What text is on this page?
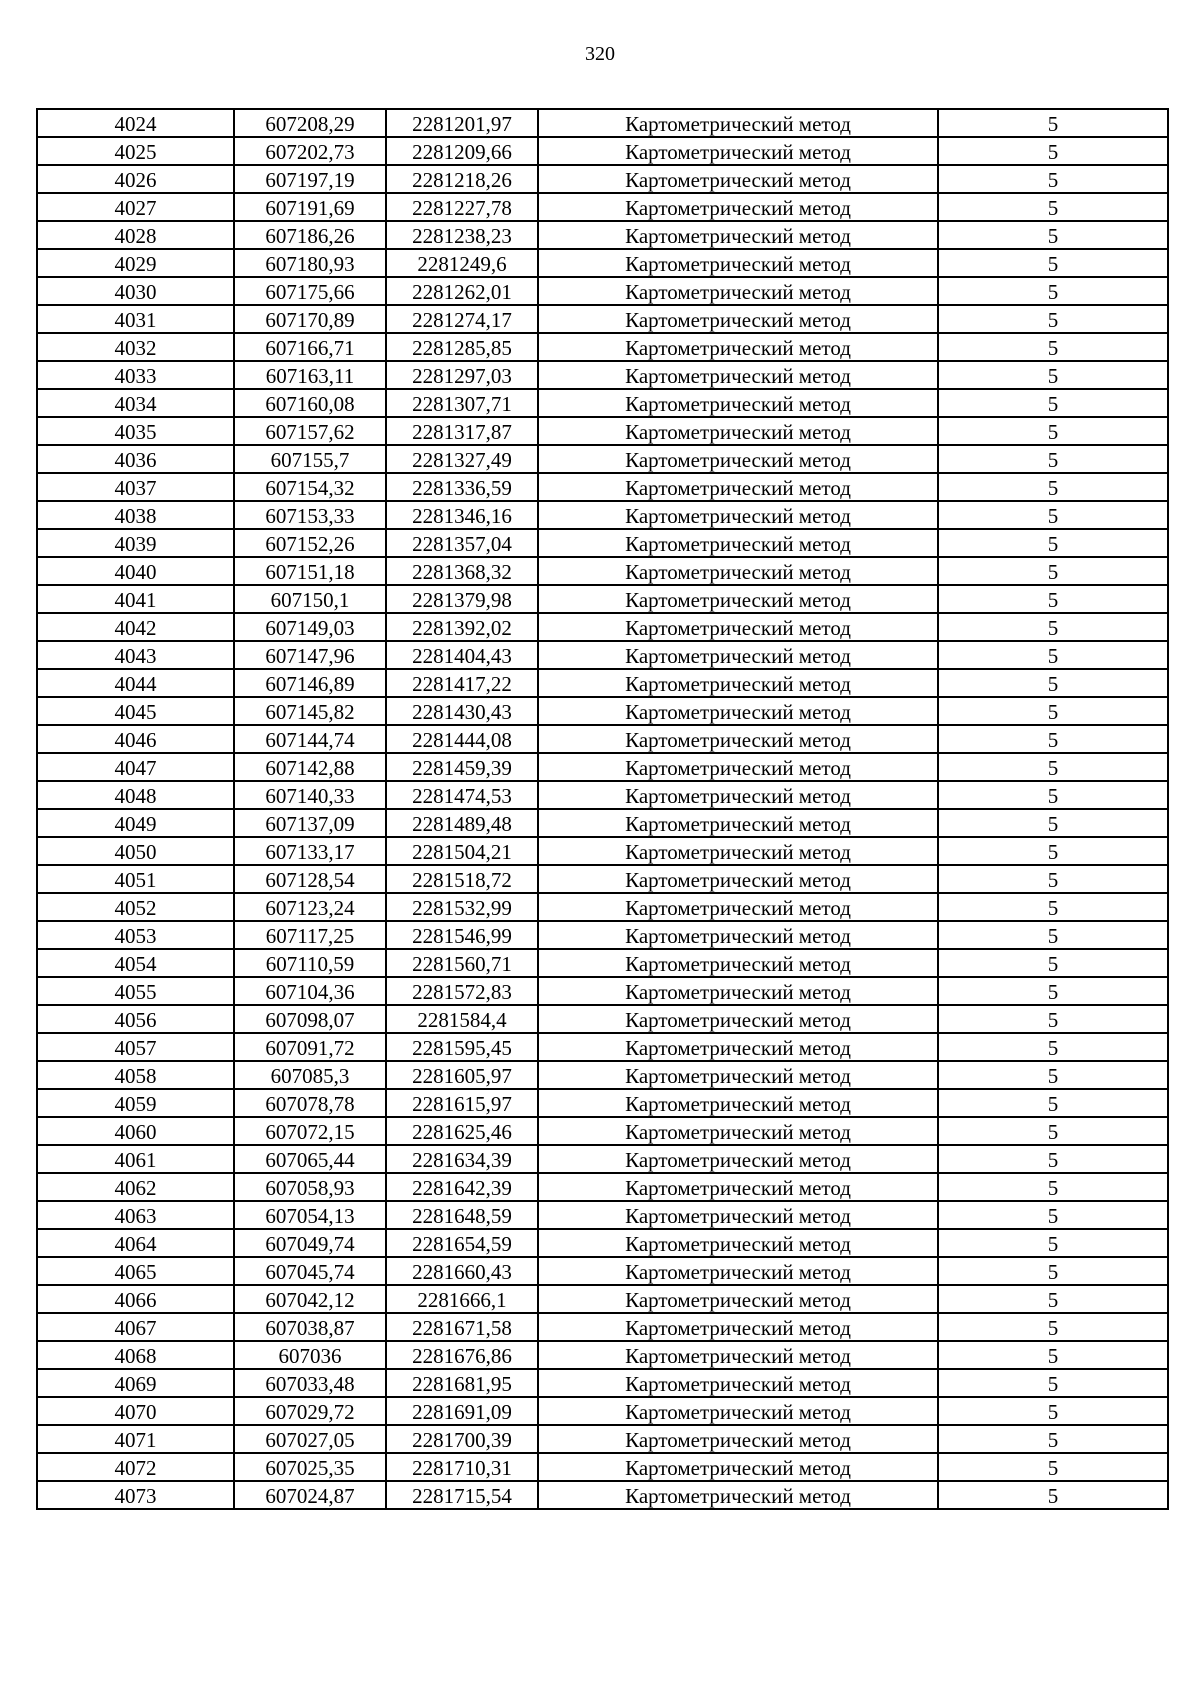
320
4024	607208,29	2281201,97	Картометрический метод	5
4025	607202,73	2281209,66	Картометрический метод	5
4026	607197,19	2281218,26	Картометрический метод	5
4027	607191,69	2281227,78	Картометрический метод	5
4028	607186,26	2281238,23	Картометрический метод	5
4029	607180,93	2281249,6	Картометрический метод	5
4030	607175,66	2281262,01	Картометрический метод	5
4031	607170,89	2281274,17	Картометрический метод	5
4032	607166,71	2281285,85	Картометрический метод	5
4033	607163,11	2281297,03	Картометрический метод	5
4034	607160,08	2281307,71	Картометрический метод	5
4035	607157,62	2281317,87	Картометрический метод	5
4036	607155,7	2281327,49	Картометрический метод	5
4037	607154,32	2281336,59	Картометрический метод	5
4038	607153,33	2281346,16	Картометрический метод	5
4039	607152,26	2281357,04	Картометрический метод	5
4040	607151,18	2281368,32	Картометрический метод	5
4041	607150,1	2281379,98	Картометрический метод	5
4042	607149,03	2281392,02	Картометрический метод	5
4043	607147,96	2281404,43	Картометрический метод	5
4044	607146,89	2281417,22	Картометрический метод	5
4045	607145,82	2281430,43	Картометрический метод	5
4046	607144,74	2281444,08	Картометрический метод	5
4047	607142,88	2281459,39	Картометрический метод	5
4048	607140,33	2281474,53	Картометрический метод	5
4049	607137,09	2281489,48	Картометрический метод	5
4050	607133,17	2281504,21	Картометрический метод	5
4051	607128,54	2281518,72	Картометрический метод	5
4052	607123,24	2281532,99	Картометрический метод	5
4053	607117,25	2281546,99	Картометрический метод	5
4054	607110,59	2281560,71	Картометрический метод	5
4055	607104,36	2281572,83	Картометрический метод	5
4056	607098,07	2281584,4	Картометрический метод	5
4057	607091,72	2281595,45	Картометрический метод	5
4058	607085,3	2281605,97	Картометрический метод	5
4059	607078,78	2281615,97	Картометрический метод	5
4060	607072,15	2281625,46	Картометрический метод	5
4061	607065,44	2281634,39	Картометрический метод	5
4062	607058,93	2281642,39	Картометрический метод	5
4063	607054,13	2281648,59	Картометрический метод	5
4064	607049,74	2281654,59	Картометрический метод	5
4065	607045,74	2281660,43	Картометрический метод	5
4066	607042,12	2281666,1	Картометрический метод	5
4067	607038,87	2281671,58	Картометрический метод	5
4068	607036	2281676,86	Картометрический метод	5
4069	607033,48	2281681,95	Картометрический метод	5
4070	607029,72	2281691,09	Картометрический метод	5
4071	607027,05	2281700,39	Картометрический метод	5
4072	607025,35	2281710,31	Картометрический метод	5
4073	607024,87	2281715,54	Картометрический метод	5
